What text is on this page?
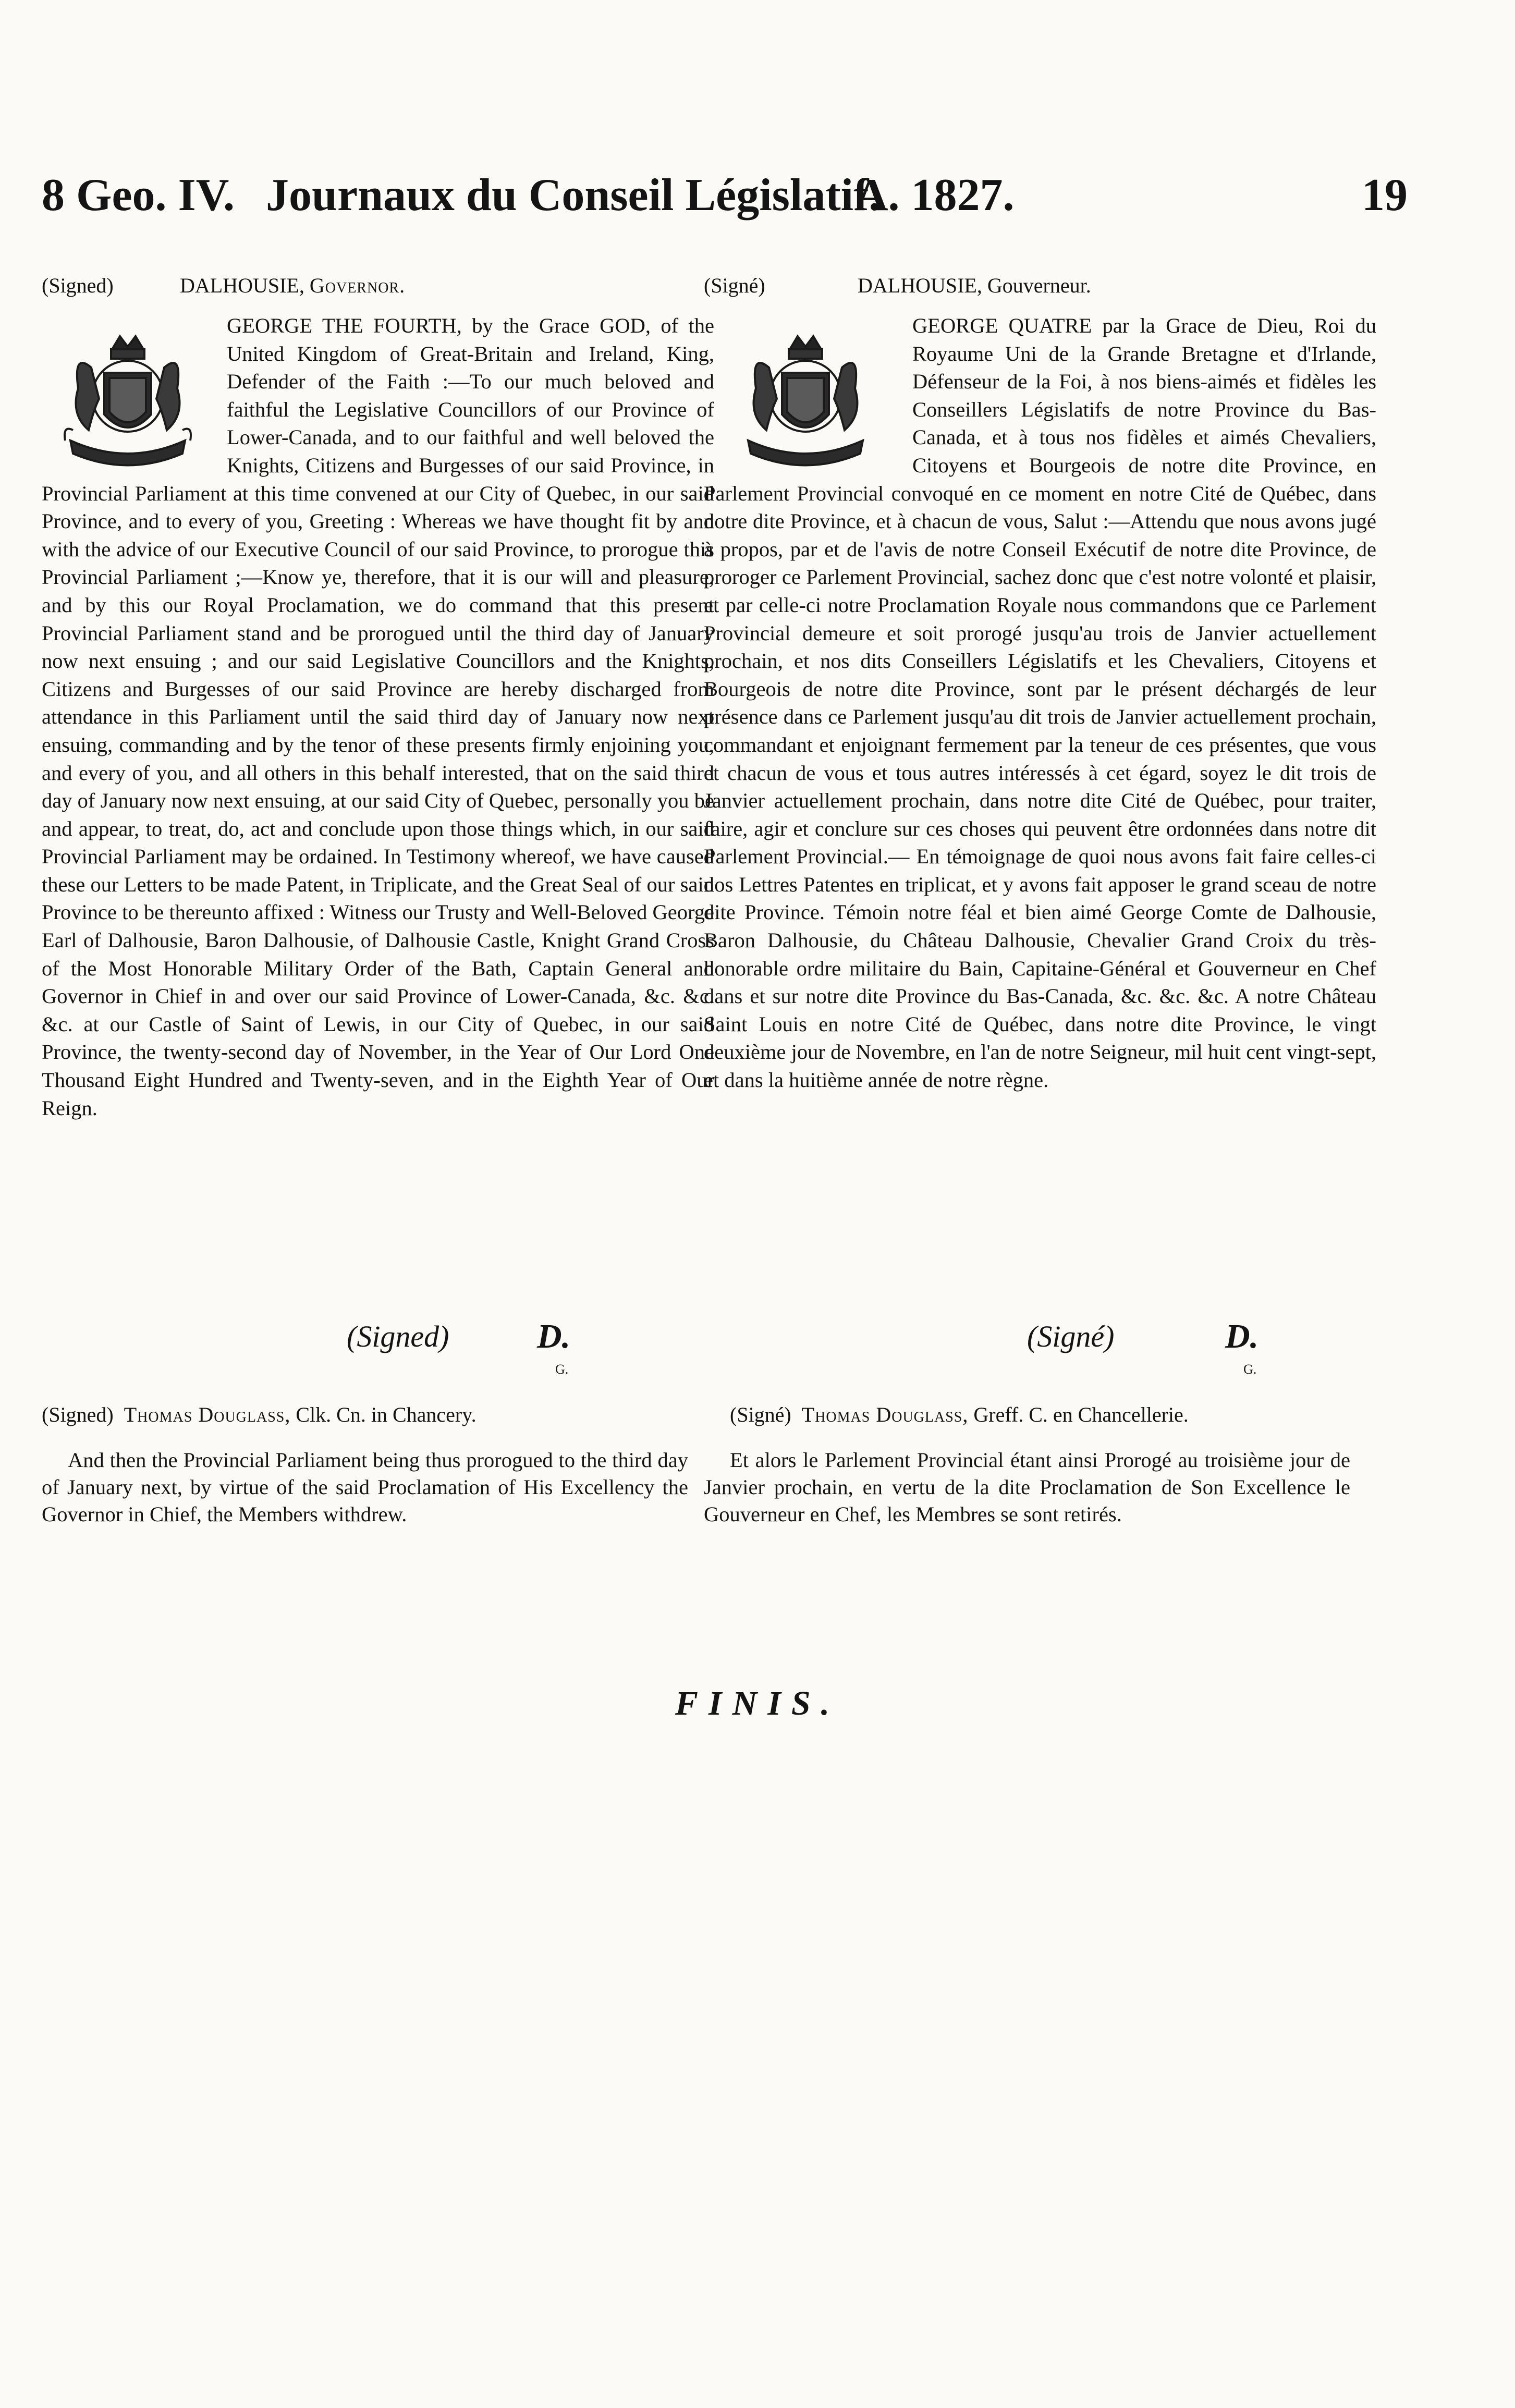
8 Geo. IV. Journaux du Conseil Législatif.
A. 1827.	19
(Signed)	DALHOUSIE, Governor.
GEORGE THE FOURTH, by the Grace GOD, of the United Kingdom of Great-Britain and Ireland, King, Defender of the Faith :—To our much beloved and faithful the Legislative Councillors of our Province of Lower-Canada, and to our faithful and well beloved the Knights, Citizens and Burgesses of our said Province, in Provincial Parliament at this time convened at our City of Quebec, in our said Province, and to every of you, Greeting : Whereas we have thought fit by and with the advice of our Executive Council of our said Province, to prorogue this Provincial Parliament ;—Know ye, therefore, that it is our will and pleasure, and by this our Royal Proclamation, we do command that this present Provincial Parliament stand and be prorogued until the third day of January now next ensuing ; and our said Legislative Councillors and the Knights, Citizens and Burgesses of our said Province are hereby discharged from attendance in this Parliament until the said third day of January now next ensuing, commanding and by the tenor of these presents firmly enjoining you, and every of you, and all others in this behalf interested, that on the said third day of January now next ensuing, at our said City of Quebec, personally you be and appear, to treat, do, act and conclude upon those things which, in our said Provincial Parliament may be ordained. In Testimony whereof, we have caused these our Letters to be made Patent, in Triplicate, and the Great Seal of our said Province to be thereunto affixed : Witness our Trusty and Well-Beloved George Earl of Dalhousie, Baron Dalhousie, of Dalhousie Castle, Knight Grand Cross of the Most Honorable Military Order of the Bath, Captain General and Governor in Chief in and over our said Province of Lower-Canada, &c. &c. &c. at our Castle of Saint of Lewis, in our City of Quebec, in our said Province, the twenty-second day of November, in the Year of Our Lord One Thousand Eight Hundred and Twenty-seven, and in the Eighth Year of Our Reign.
(Signé)	DALHOUSIE, Gouverneur.
GEORGE QUATRE par la Grace de Dieu, Roi du Royaume Uni de la Grande Bretagne et d'Irlande, Défenseur de la Foi, à nos biens-aimés et fidèles les Conseillers Législatifs de notre Province du Bas-Canada, et à tous nos fidèles et aimés Chevaliers, Citoyens et Bourgeois de notre dite Province, en Parlement Provincial convoqué en ce moment en notre Cité de Québec, dans notre dite Province, et à chacun de vous, Salut :—Attendu que nous avons jugé à propos, par et de l'avis de notre Conseil Exécutif de notre dite Province, de proroger ce Parlement Provincial, sachez donc que c'est notre volonté et plaisir, et par celle-ci notre Proclamation Royale nous commandons que ce Parlement Provincial demeure et soit prorogé jusqu'au trois de Janvier actuellement prochain, et nos dits Conseillers Législatifs et les Chevaliers, Citoyens et Bourgeois de notre dite Province, sont par le présent déchargés de leur présence dans ce Parlement jusqu'au dit trois de Janvier actuellement prochain, commandant et enjoignant fermement par la teneur de ces présentes, que vous et chacun de vous et tous autres intéressés à cet égard, soyez le dit trois de Janvier actuellement prochain, dans notre dite Cité de Québec, pour traiter, faire, agir et conclure sur ces choses qui peuvent être ordonnées dans notre dit Parlement Provincial.— En témoignage de quoi nous avons fait faire celles-ci nos Lettres Patentes en triplicat, et y avons fait apposer le grand sceau de notre dite Province. Témoin notre féal et bien aimé George Comte de Dalhousie, Baron Dalhousie, du Château Dalhousie, Chevalier Grand Croix du très-honorable ordre militaire du Bain, Capitaine-Général et Gouverneur en Chef dans et sur notre dite Province du Bas-Canada, &c. &c. &c. A notre Château Saint Louis en notre Cité de Québec, dans notre dite Province, le vingt deuxième jour de Novembre, en l'an de notre Seigneur, mil huit cent vingt-sept, et dans la huitième année de notre règne.
(Signed)	D.
G.
(Signé)	D.
G.
(Signed) Thomas Douglass, Clk. Cn. in Chancery.	(Signé) Thomas Douglass, Greff. C. en Chancellerie.
And then the Provincial Parliament being thus prorogued to the third day of January next, by virtue of the said Proclamation of His Excellency the Governor in Chief, the Members withdrew.
Et alors le Parlement Provincial étant ainsi Prorogé au troisième jour de Janvier prochain, en vertu de la dite Proclamation de Son Excellence le Gouverneur en Chef, les Membres se sont retirés.
FINIS.
